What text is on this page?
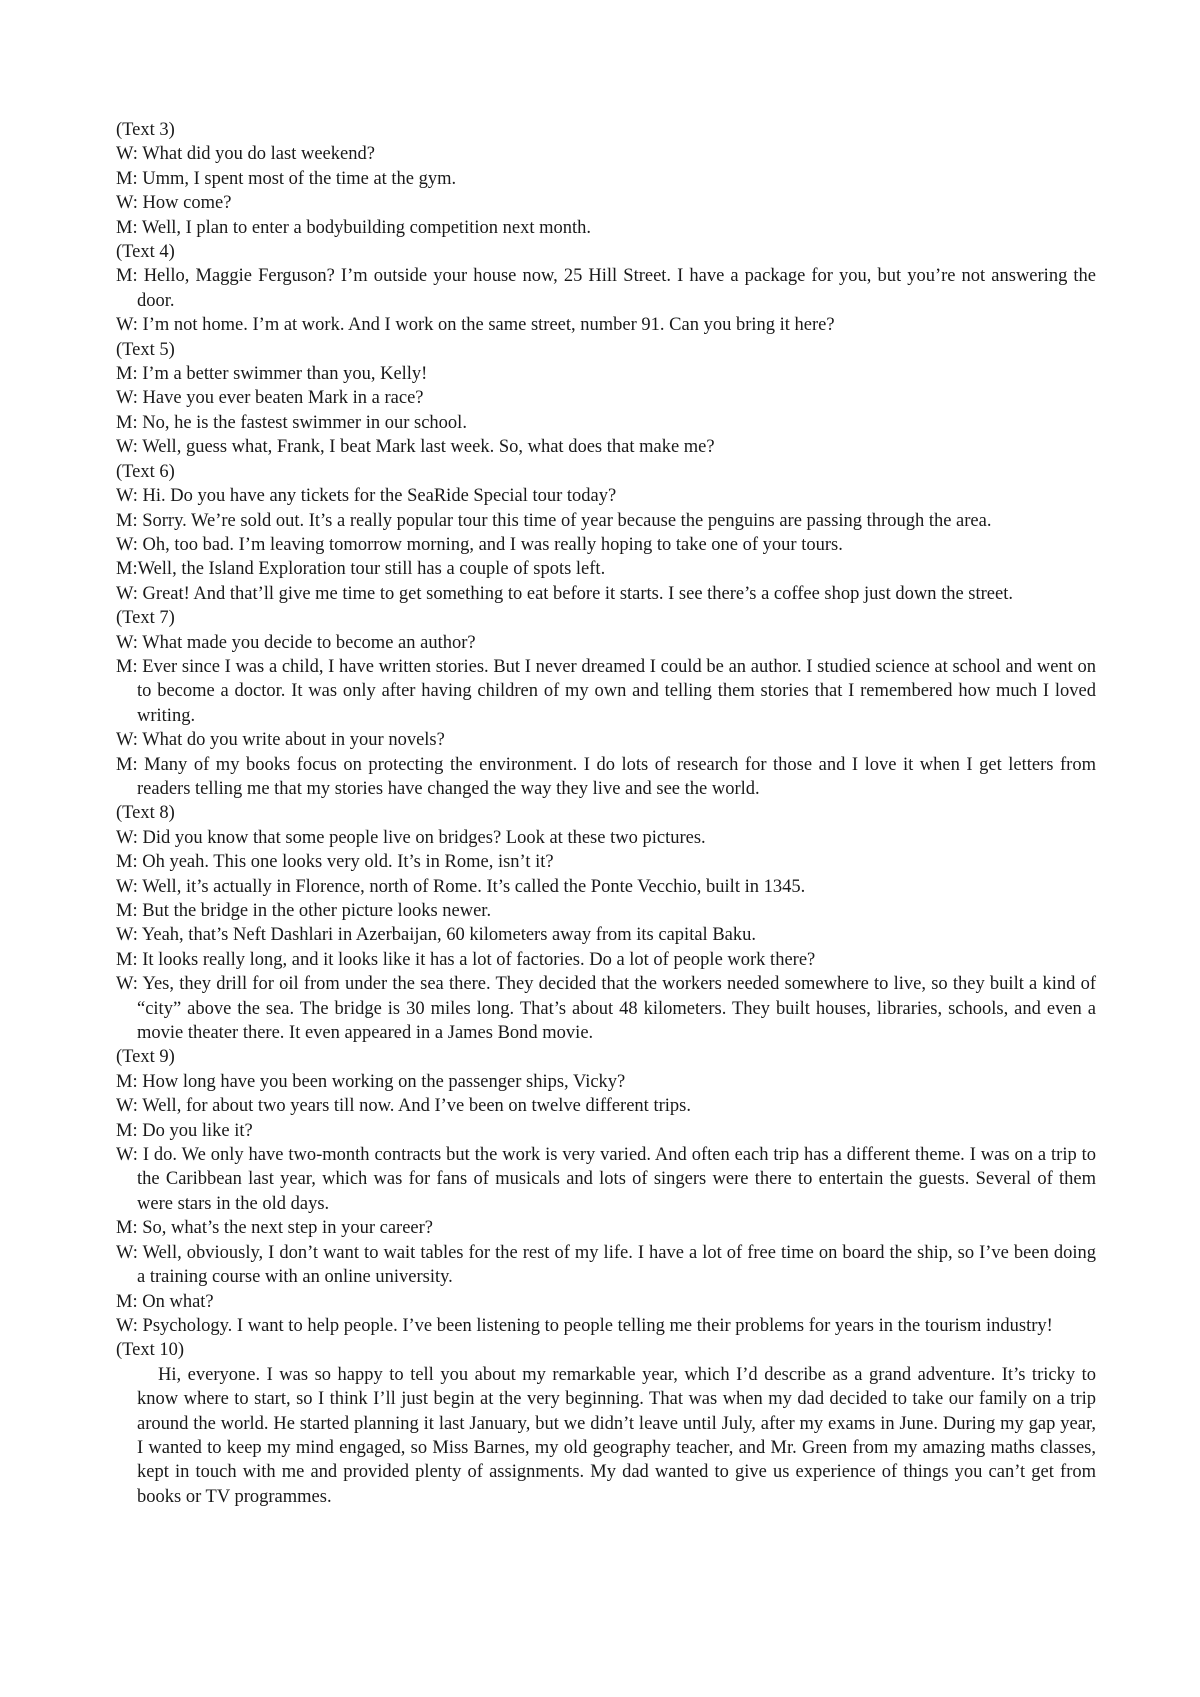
(Text 3)

W: What did you do last weekend?

M: Umm, I spent most of the time at the gym.

W: How come?

M: Well, I plan to enter a bodybuilding competition next month.

(Text 4)

M: Hello, Maggie Ferguson? I’m outside your house now, 25 Hill Street. I have a package for you, but you’re not answering the door.

W: I’m not home. I’m at work. And I work on the same street, number 91. Can you bring it here?

(Text 5)

M: I’m a better swimmer than you, Kelly!

W: Have you ever beaten Mark in a race?

M: No, he is the fastest swimmer in our school.

W: Well, guess what, Frank, I beat Mark last week. So, what does that make me?

(Text 6)

W: Hi. Do you have any tickets for the SeaRide Special tour today?

M: Sorry. We’re sold out. It’s a really popular tour this time of year because the penguins are passing through the area.

W: Oh, too bad. I’m leaving tomorrow morning, and I was really hoping to take one of your tours.

M:Well, the Island Exploration tour still has a couple of spots left.

W: Great! And that’ll give me time to get something to eat before it starts. I see there’s a coffee shop just down the street.

(Text 7)

W: What made you decide to become an author?

M: Ever since I was a child, I have written stories. But I never dreamed I could be an author. I studied science at school and went on to become a doctor. It was only after having children of my own and telling them stories that I remembered how much I loved writing.

W: What do you write about in your novels?

M: Many of my books focus on protecting the environment. I do lots of research for those and I love it when I get letters from readers telling me that my stories have changed the way they live and see the world.

(Text 8)

W: Did you know that some people live on bridges? Look at these two pictures.

M: Oh yeah. This one looks very old. It’s in Rome, isn’t it?

W: Well, it’s actually in Florence, north of Rome. It’s called the Ponte Vecchio, built in 1345.

M: But the bridge in the other picture looks newer.

W: Yeah, that’s Neft Dashlari in Azerbaijan, 60 kilometers away from its capital Baku.

M: It looks really long, and it looks like it has a lot of factories. Do a lot of people work there?

W: Yes, they drill for oil from under the sea there. They decided that the workers needed somewhere to live, so they built a kind of “city” above the sea. The bridge is 30 miles long. That’s about 48 kilometers. They built houses, libraries, schools, and even a movie theater there. It even appeared in a James Bond movie.

(Text 9)

M: How long have you been working on the passenger ships, Vicky?

W: Well, for about two years till now. And I’ve been on twelve different trips.

M: Do you like it?

W: I do. We only have two-month contracts but the work is very varied. And often each trip has a different theme. I was on a trip to the Caribbean last year, which was for fans of musicals and lots of singers were there to entertain the guests. Several of them were stars in the old days.

M: So, what’s the next step in your career?

W: Well, obviously, I don’t want to wait tables for the rest of my life. I have a lot of free time on board the ship, so I’ve been doing a training course with an online university.

M: On what?

W: Psychology. I want to help people. I’ve been listening to people telling me their problems for years in the tourism industry!

(Text 10)

Hi, everyone. I was so happy to tell you about my remarkable year, which I’d describe as a grand adventure. It’s tricky to know where to start, so I think I’ll just begin at the very beginning. That was when my dad decided to take our family on a trip around the world. He started planning it last January, but we didn’t leave until July, after my exams in June. During my gap year, I wanted to keep my mind engaged, so Miss Barnes, my old geography teacher, and Mr. Green from my amazing maths classes, kept in touch with me and provided plenty of assignments. My dad wanted to give us experience of things you can’t get from books or TV programmes.
